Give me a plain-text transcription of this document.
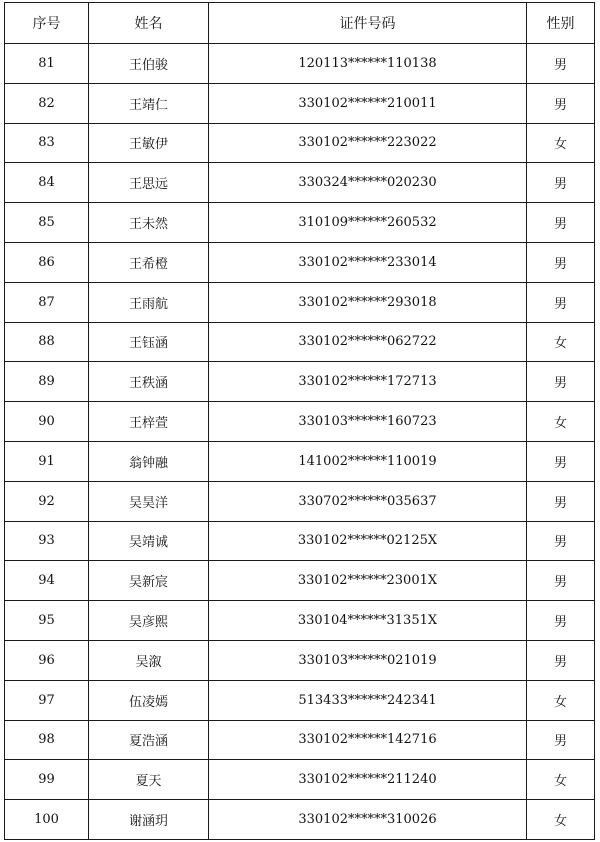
序号	姓名	证件号码	性别
81	王伯骏	120113******110138	男
82	王靖仁	330102******210011	男
83	王敏伊	330102******223022	女
84	王思远	330324******020230	男
85	王未然	310109******260532	男
86	王希橙	330102******233014	男
87	王雨航	330102******293018	男
88	王钰涵	330102******062722	女
89	王秩涵	330102******172713	男
90	王梓萱	330103******160723	女
91	翁钟融	141002******110019	男
92	吴昊洋	330702******035637	男
93	吴靖诚	330102******02125X	男
94	吴新宸	330102******23001X	男
95	吴彦熙	330104******31351X	男
96	吴溆	330103******021019	男
97	伍凌嫣	513433******242341	女
98	夏浩涵	330102******142716	男
99	夏天	330102******211240	女
100	谢涵玥	330102******310026	女
